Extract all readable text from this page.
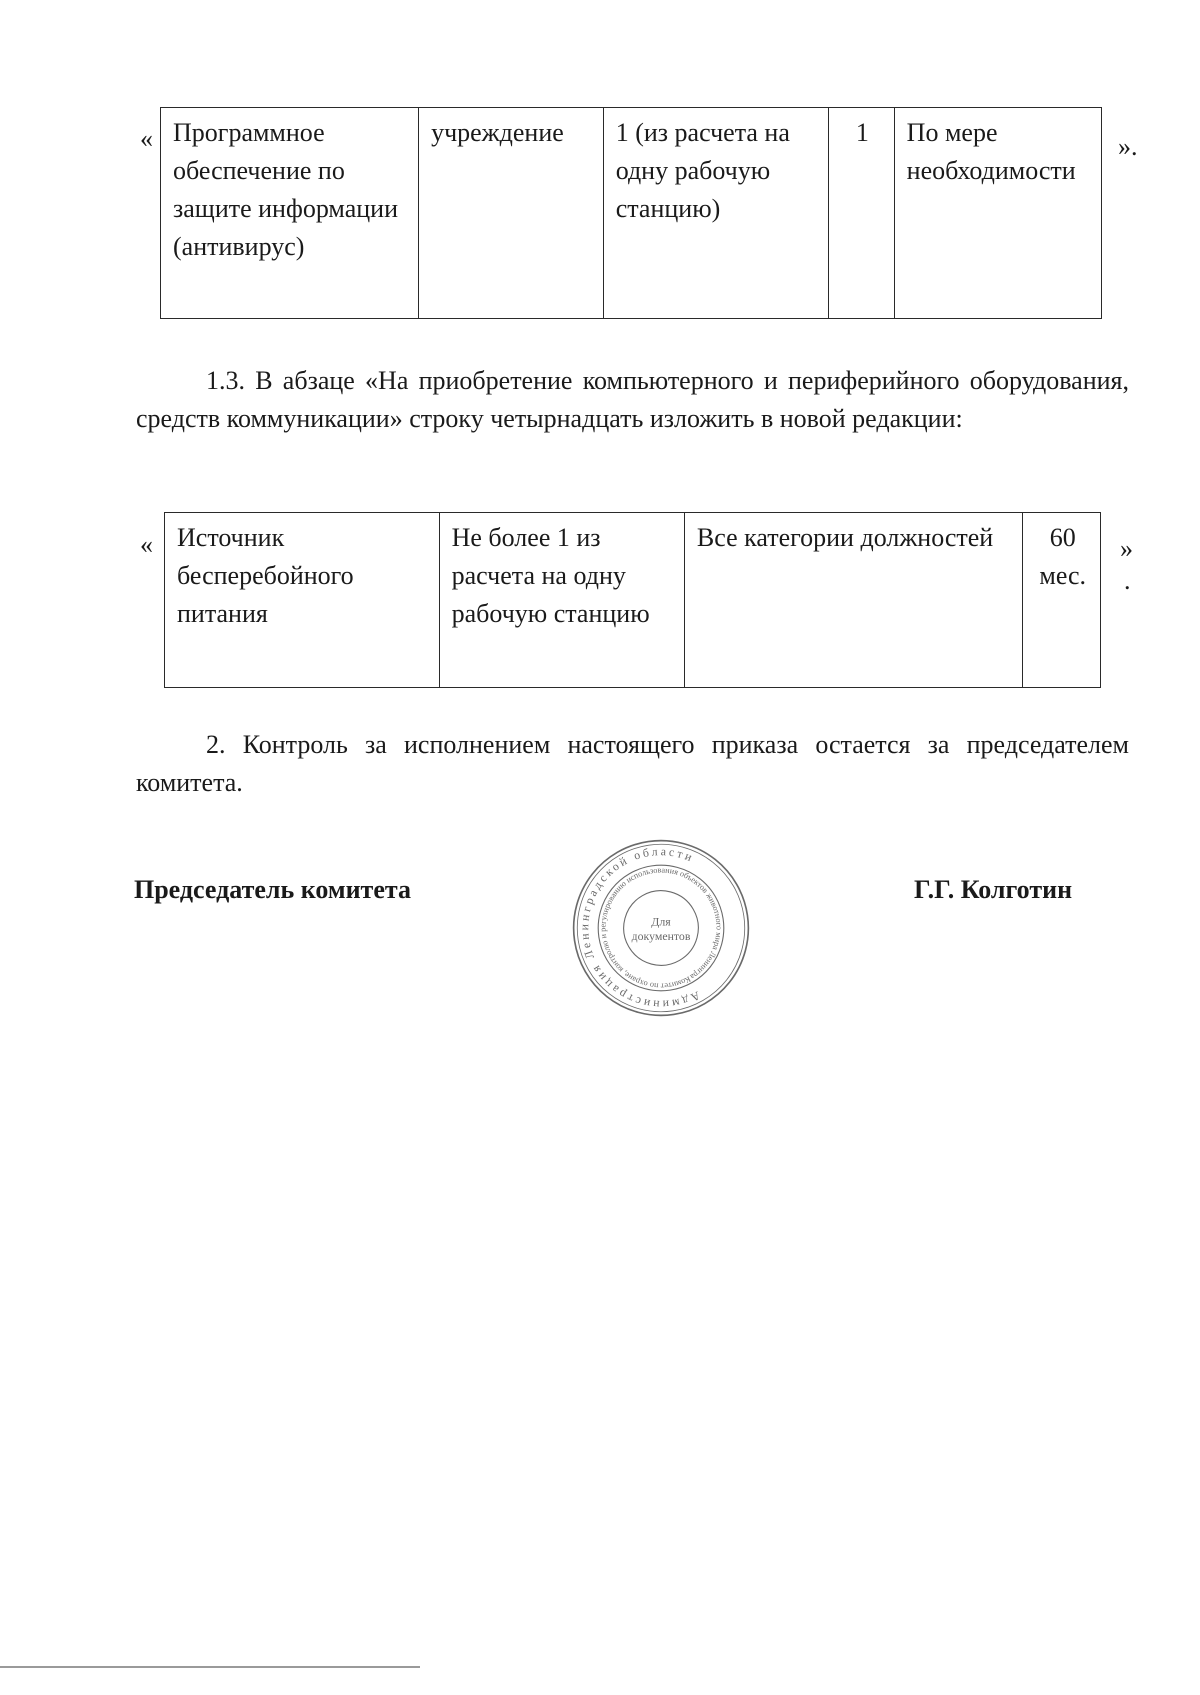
« Программное обеспечение по защите информации (антивирус)	учреждение	1 (из расчета на одну рабочую станцию)	1	По мере необходимости
».

1.3. В абзаце «На приобретение компьютерного и периферийного оборудования, средств коммуникации» строку четырнадцать изложить в новой редакции:

« Источник бесперебойного питания	Не более 1 из расчета на одну рабочую станцию	Все категории должностей	60 мес.
»
.

2. Контроль за исполнением настоящего приказа остается за председателем комитета.

Председатель комитета	Г.Г. Колготин
Администрация Ленинградской области
Комитет по охране, контролю и регулированию использования объектов животного мира Ленинградской
Для
документов
